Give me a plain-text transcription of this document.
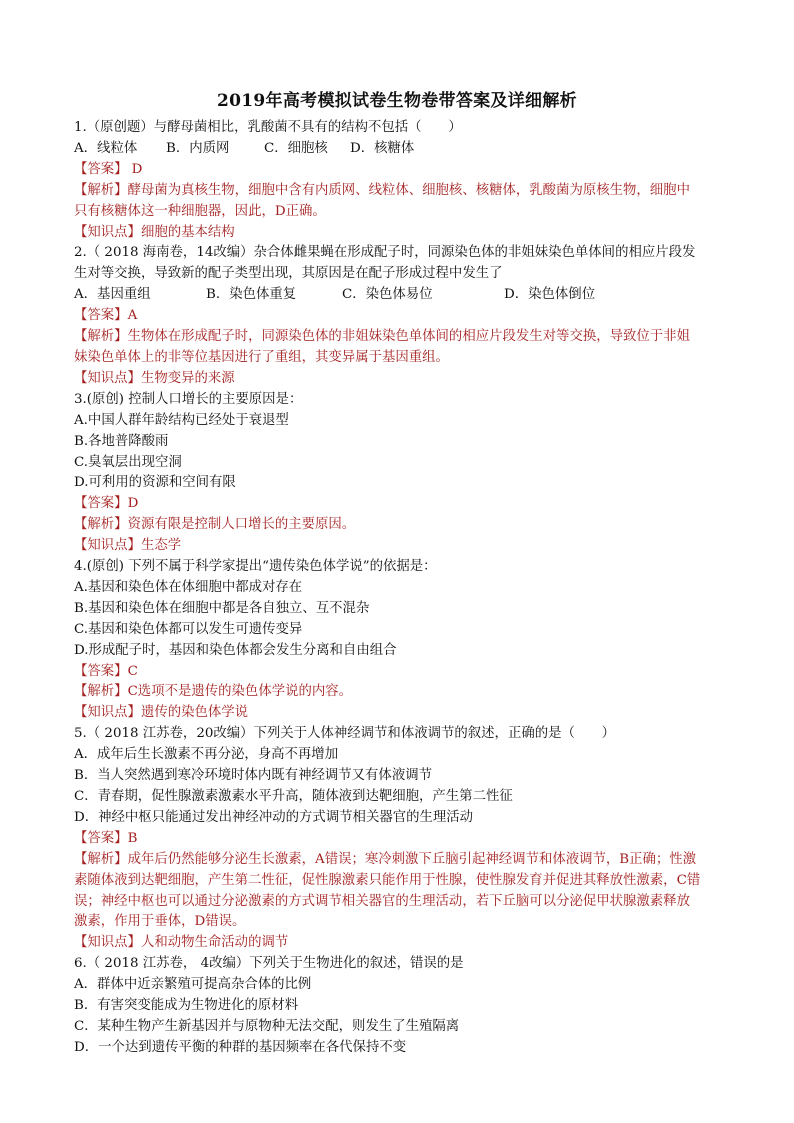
2019年高考模拟试卷生物卷带答案及详细解析
1.（原创题）与酵母菌相比，乳酸菌不具有的结构不包括（　　）
A．线粒体 B．内质网	C．细胞核 D．核糖体
【答案】 D
【解析】酵母菌为真核生物，细胞中含有内质网、线粒体、细胞核、核糖体，乳酸菌为原核生物，细胞中
只有核糖体这一种细胞器，因此，D正确。
【知识点】细胞的基本结构
2.（ 2018 海南卷，14改编）杂合体雌果蝇在形成配子时，同源染色体的非姐妹染色单体间的相应片段发
生对等交换，导致新的配子类型出现，其原因是在配子形成过程中发生了
A．基因重组	B．染色体重复	C．染色体易位	D．染色体倒位
【答案】A
【解析】生物体在形成配子时，同源染色体的非姐妹染色单体间的相应片段发生对等交换，导致位于非姐
妹染色单体上的非等位基因进行了重组，其变异属于基因重组。
【知识点】生物变异的来源
3.(原创) 控制人口增长的主要原因是：
A.中国人群年龄结构已经处于衰退型
B.各地普降酸雨
C.臭氧层出现空洞
D.可利用的资源和空间有限
【答案】D
【解析】资源有限是控制人口增长的主要原因。
【知识点】生态学
4.(原创) 下列不属于科学家提出“遗传染色体学说”的依据是：
A.基因和染色体在体细胞中都成对存在
B.基因和染色体在细胞中都是各自独立、互不混杂
C.基因和染色体都可以发生可遗传变异
D.形成配子时，基因和染色体都会发生分离和自由组合
【答案】C
【解析】C选项不是遗传的染色体学说的内容。
【知识点】遗传的染色体学说
5.（ 2018 江苏卷，20改编）下列关于人体神经调节和体液调节的叙述，正确的是（　　）
A．成年后生长激素不再分泌，身高不再增加
B．当人突然遇到寒冷环境时体内既有神经调节又有体液调节
C．青春期，促性腺激素激素水平升高，随体液到达靶细胞，产生第二性征
D．神经中枢只能通过发出神经冲动的方式调节相关器官的生理活动
【答案】B
【解析】成年后仍然能够分泌生长激素，A错误；寒冷刺激下丘脑引起神经调节和体液调节，B正确；性激
素随体液到达靶细胞，产生第二性征，促性腺激素只能作用于性腺，使性腺发育并促进其释放性激素，C错
误；神经中枢也可以通过分泌激素的方式调节相关器官的生理活动，若下丘脑可以分泌促甲状腺激素释放
激素，作用于垂体，D错误。
【知识点】人和动物生命活动的调节
6.（ 2018 江苏卷， 4改编）下列关于生物进化的叙述，错误的是
A．群体中近亲繁殖可提高杂合体的比例
B．有害突变能成为生物进化的原材料
C．某种生物产生新基因并与原物种无法交配，则发生了生殖隔离
D．一个达到遗传平衡的种群的基因频率在各代保持不变
